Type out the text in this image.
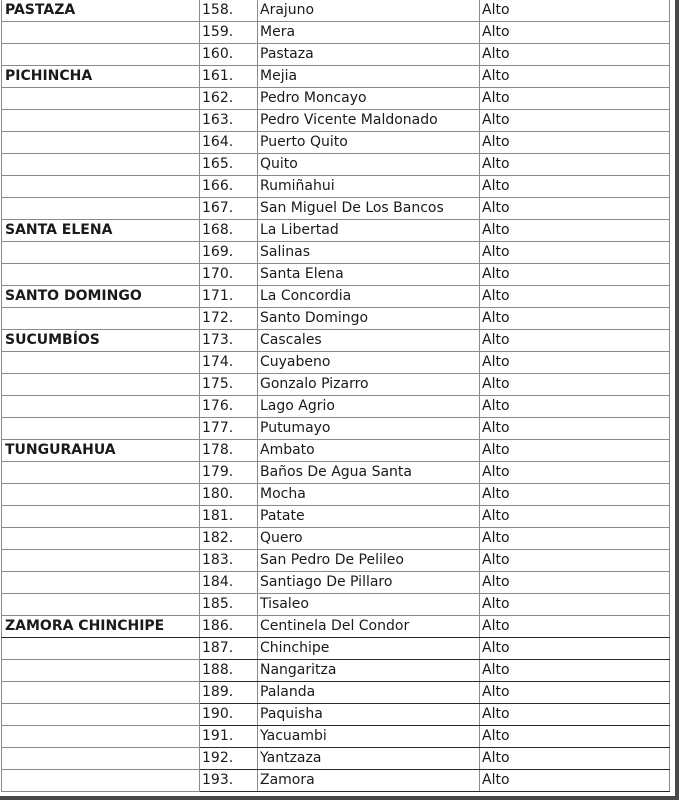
PASTAZA	158.	Arajuno	Alto
	159.	Mera	Alto
	160.	Pastaza	Alto
PICHINCHA	161.	Mejia	Alto
	162.	Pedro Moncayo	Alto
	163.	Pedro Vicente Maldonado	Alto
	164.	Puerto Quito	Alto
	165.	Quito	Alto
	166.	Rumiñahui	Alto
	167.	San Miguel De Los Bancos	Alto
SANTA ELENA	168.	La Libertad	Alto
	169.	Salinas	Alto
	170.	Santa Elena	Alto
SANTO DOMINGO	171.	La Concordia	Alto
	172.	Santo Domingo	Alto
SUCUMBÍOS	173.	Cascales	Alto
	174.	Cuyabeno	Alto
	175.	Gonzalo Pizarro	Alto
	176.	Lago Agrio	Alto
	177.	Putumayo	Alto
TUNGURAHUA	178.	Ambato	Alto
	179.	Baños De Agua Santa	Alto
	180.	Mocha	Alto
	181.	Patate	Alto
	182.	Quero	Alto
	183.	San Pedro De Pelileo	Alto
	184.	Santiago De Pillaro	Alto
	185.	Tisaleo	Alto
ZAMORA CHINCHIPE	186.	Centinela Del Condor	Alto
	187.	Chinchipe	Alto
	188.	Nangaritza	Alto
	189.	Palanda	Alto
	190.	Paquisha	Alto
	191.	Yacuambi	Alto
	192.	Yantzaza	Alto
	193.	Zamora	Alto
